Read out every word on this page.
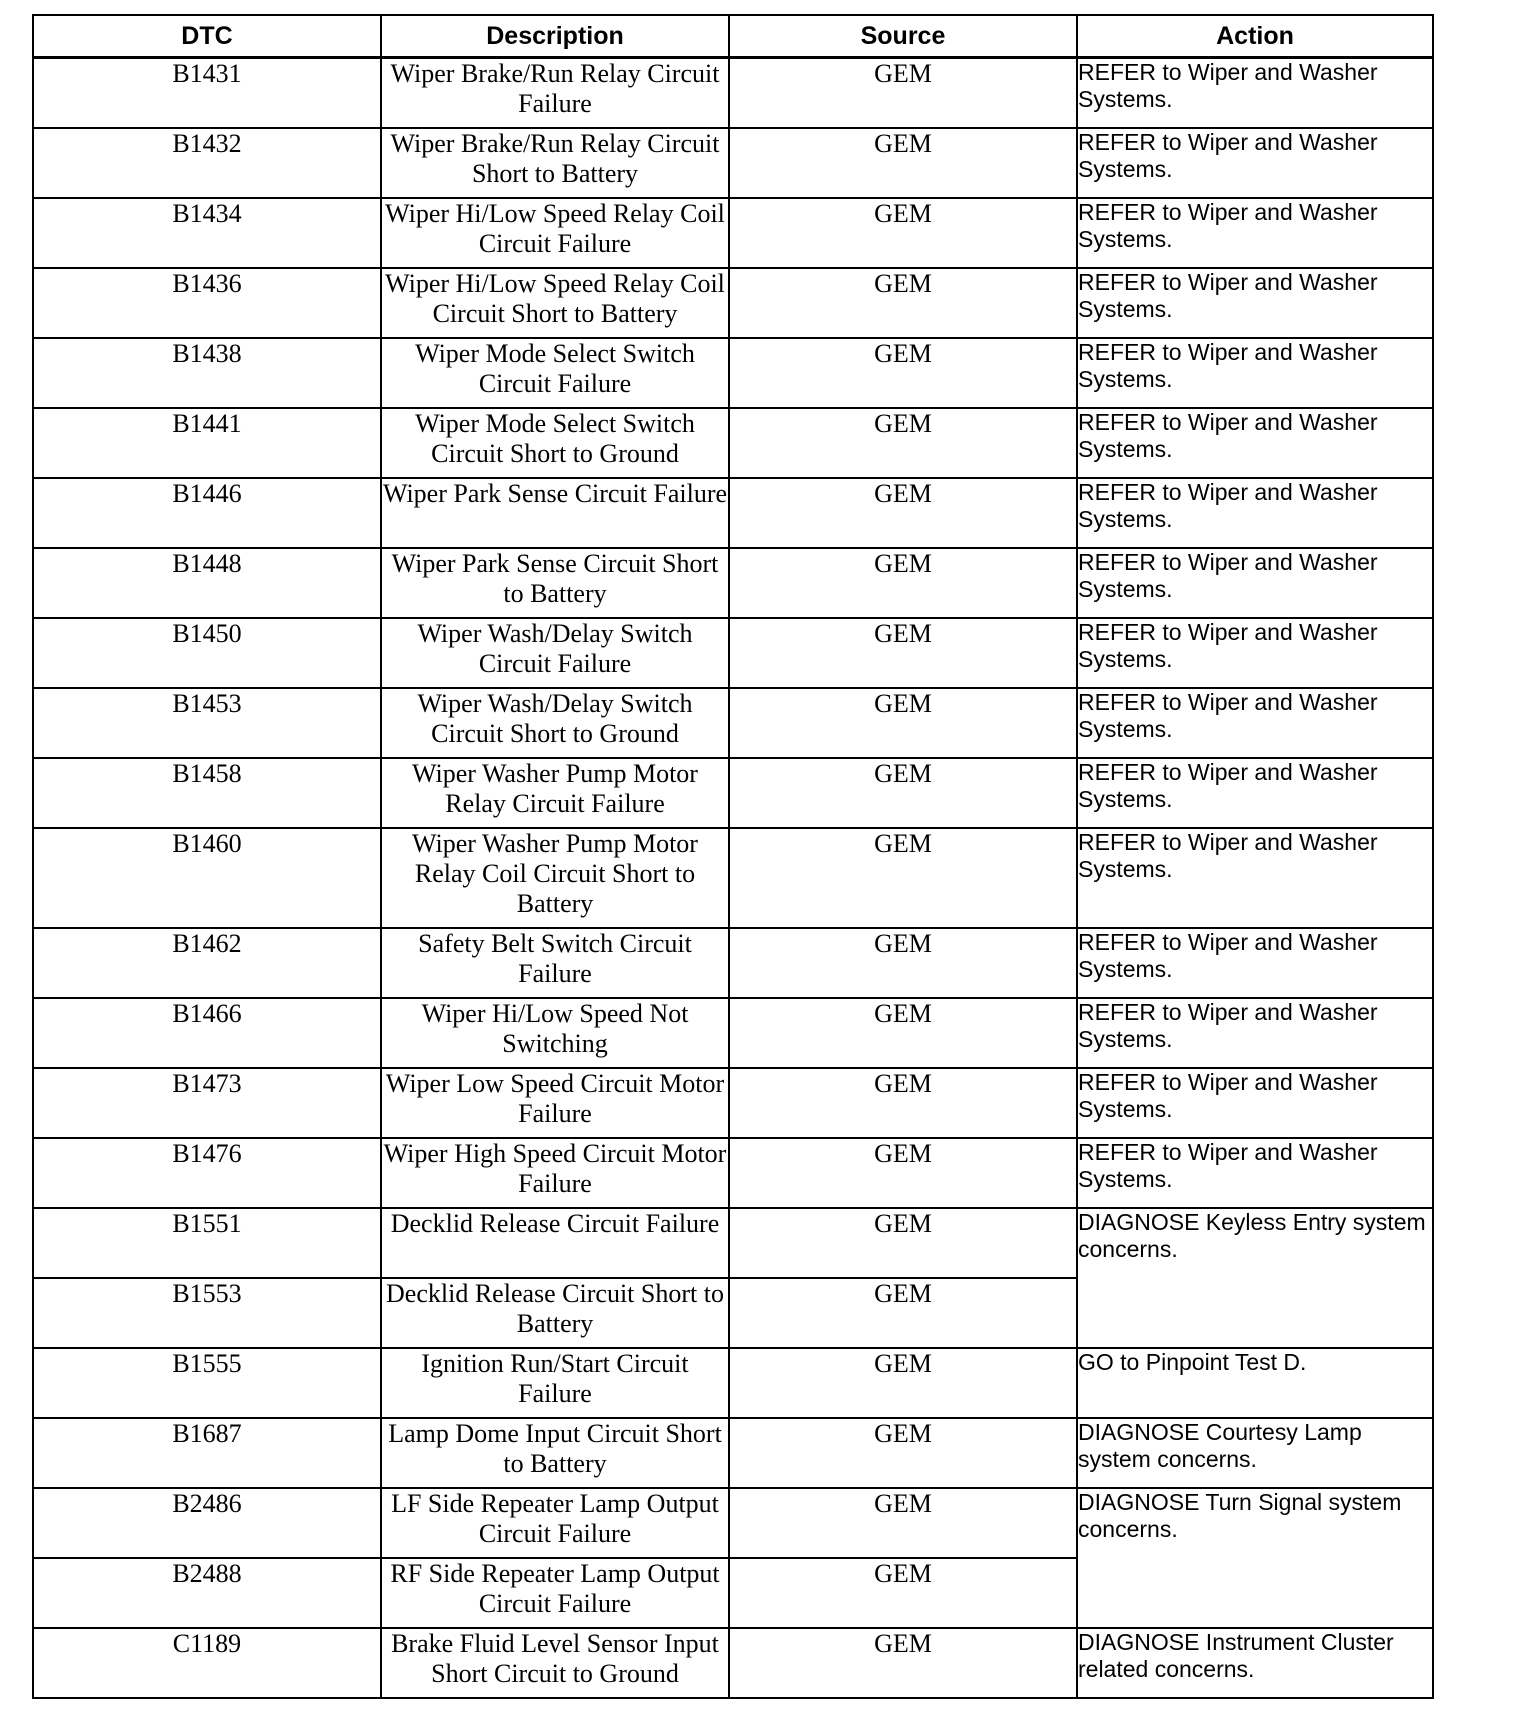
DTC	Description	Source	Action
B1431	Wiper Brake/Run Relay Circuit Failure	GEM	REFER to Wiper and Washer Systems.
B1432	Wiper Brake/Run Relay Circuit Short to Battery	GEM	REFER to Wiper and Washer Systems.
B1434	Wiper Hi/Low Speed Relay Coil Circuit Failure	GEM	REFER to Wiper and Washer Systems.
B1436	Wiper Hi/Low Speed Relay Coil Circuit Short to Battery	GEM	REFER to Wiper and Washer Systems.
B1438	Wiper Mode Select Switch Circuit Failure	GEM	REFER to Wiper and Washer Systems.
B1441	Wiper Mode Select Switch Circuit Short to Ground	GEM	REFER to Wiper and Washer Systems.
B1446	Wiper Park Sense Circuit Failure	GEM	REFER to Wiper and Washer Systems.
B1448	Wiper Park Sense Circuit Short to Battery	GEM	REFER to Wiper and Washer Systems.
B1450	Wiper Wash/Delay Switch Circuit Failure	GEM	REFER to Wiper and Washer Systems.
B1453	Wiper Wash/Delay Switch Circuit Short to Ground	GEM	REFER to Wiper and Washer Systems.
B1458	Wiper Washer Pump Motor Relay Circuit Failure	GEM	REFER to Wiper and Washer Systems.
B1460	Wiper Washer Pump Motor Relay Coil Circuit Short to Battery	GEM	REFER to Wiper and Washer Systems.
B1462	Safety Belt Switch Circuit Failure	GEM	REFER to Wiper and Washer Systems.
B1466	Wiper Hi/Low Speed Not Switching	GEM	REFER to Wiper and Washer Systems.
B1473	Wiper Low Speed Circuit Motor Failure	GEM	REFER to Wiper and Washer Systems.
B1476	Wiper High Speed Circuit Motor Failure	GEM	REFER to Wiper and Washer Systems.
B1551	Decklid Release Circuit Failure	GEM	DIAGNOSE Keyless Entry system concerns.
B1553	Decklid Release Circuit Short to Battery	GEM	
B1555	Ignition Run/Start Circuit Failure	GEM	GO to Pinpoint Test D.
B1687	Lamp Dome Input Circuit Short to Battery	GEM	DIAGNOSE Courtesy Lamp system concerns.
B2486	LF Side Repeater Lamp Output Circuit Failure	GEM	DIAGNOSE Turn Signal system concerns.
B2488	RF Side Repeater Lamp Output Circuit Failure	GEM	
C1189	Brake Fluid Level Sensor Input Short Circuit to Ground	GEM	DIAGNOSE Instrument Cluster related concerns.
